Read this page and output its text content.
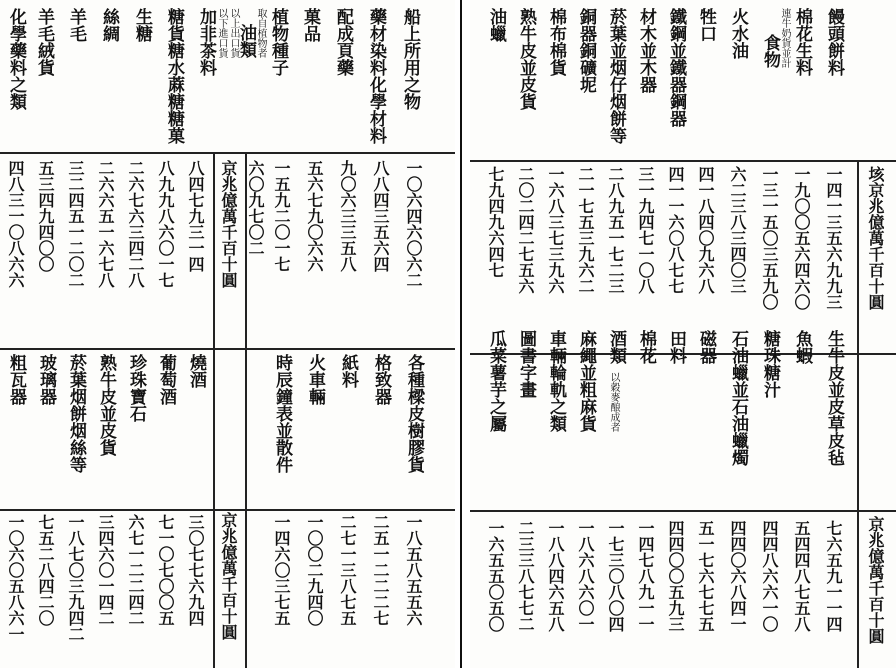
船上所用之物
藥材染料化學材料
配成頁藥
菓品
植物種子
油類取自植物者
以上出口貨
以下進口貨
加非茶料
糖貨糖水蔴糖糖菓
生糖
絲綢
羊毛
羊毛絨貨
化學藥料之類
京兆億萬千百十圓	一〇六四六〇六二
八八四三五六四
九〇六三三五八
五六七九〇六六
一五九二〇一七
六〇九七〇二
八四七九三一四
八九九八六〇一七
二六七六三四二八
二六六五一六七八
三二四五一二〇二
五三四九四〇〇
四八三一〇八六六
各種樑皮樹膠貨
格致器
紙料
火車輛
時辰鐘表並散件
燒酒
葡萄酒
珍珠寶石
熟牛皮並皮貨
菸葉烟餅烟絲等
玻璃器
粗瓦器
京兆億萬千百十圓	一八五八五五六
二五一二二二七
二七一三八七五
一〇〇二九四〇
一四六〇三七五
三〇七七六九四
七一〇七〇〇五
六七一二二四二
三四六〇一四二
一八七〇三九四二
七五二八四二〇
一〇六〇五八六一
饅頭餅料
棉花生料
食物連牛奶貨並計
火水油
牲口
鐵鋼並鐵器鋼器
材木並木器
菸葉並烟仔烟餅等
銅器銅礦坭
棉布棉貨
熟牛皮並皮貨
油蠟
垓京兆億萬千百十圓
一四一三五六九九三
一九〇〇五六四六〇
一三一五〇三五九〇
六二三八三四〇三
四一八四〇九六八
四一一六〇八七七
三一九四七一〇八
二八九五一七二三
二一七五三九六二
一六八三七三九六
二〇二四二七五六
七九四九六四七
生牛皮並皮草皮毡
魚蝦
糖珠糖汁
石油蠟並石油蠟燭
磁器
田料
棉花
酒類
以穀麥酿成者
麻繩並粗麻貨
車輛輪軌之類
圖書字畫
瓜菜薯芋之屬
京兆億萬千百十圓
七六五九一一四
五四四八七五八
四四八六六一〇
四四〇六八四一
五一七六七七五
四四〇〇五九三
一四七八九一一
一七三〇八〇四
一八六八六〇一
一八八四六五八
二三三八七七二
一六五五〇五〇
